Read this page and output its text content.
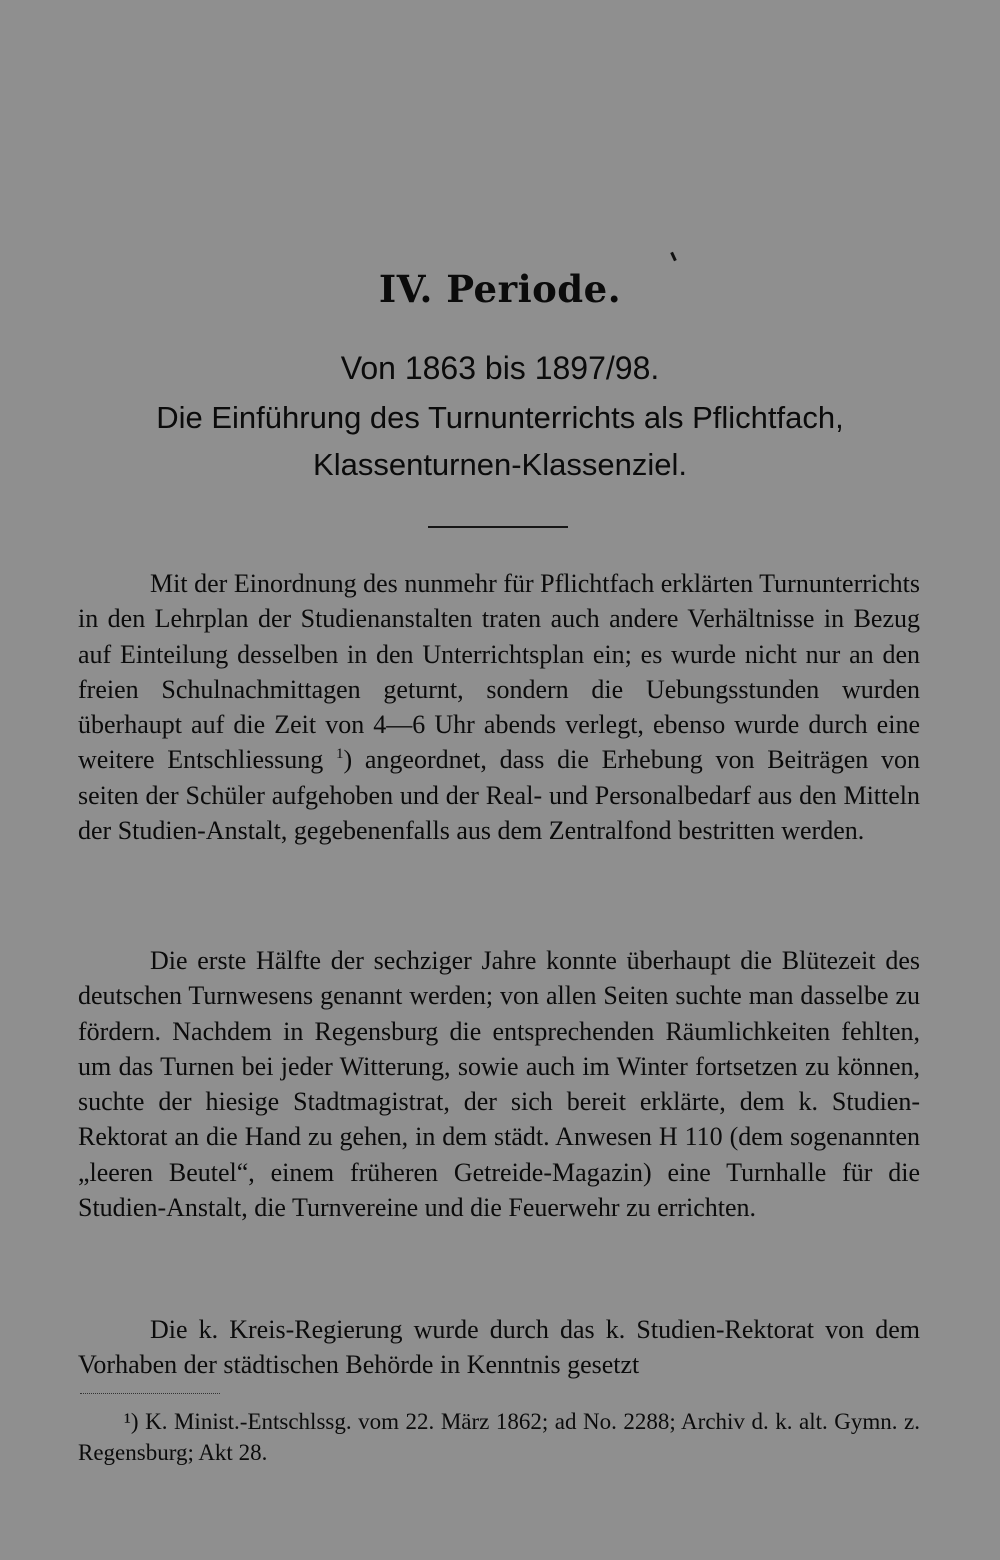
IV. Periode.
Von 1863 bis 1897/98.
Die Einführung des Turnunterrichts als Pflichtfach,
Klassenturnen-Klassenziel.

Mit der Einordnung des nunmehr für Pflichtfach erklärten Turnunterrichts in den Lehrplan der Studienanstalten traten auch andere Verhältnisse in Bezug auf Einteilung desselben in den Unterrichtsplan ein; es wurde nicht nur an den freien Schulnachmittagen geturnt, sondern die Uebungsstunden wurden überhaupt auf die Zeit von 4—6 Uhr abends verlegt, ebenso wurde durch eine weitere Entschliessung $^1$) angeordnet, dass die Erhebung von Beiträgen von seiten der Schüler aufgehoben und der Real- und Personalbedarf aus den Mitteln der Studien-Anstalt, gegebenenfalls aus dem Zentralfond bestritten werden.

Die erste Hälfte der sechziger Jahre konnte überhaupt die Blütezeit des deutschen Turnwesens genannt werden; von allen Seiten suchte man dasselbe zu fördern. Nachdem in Regensburg die entsprechenden Räumlichkeiten fehlten, um das Turnen bei jeder Witterung, sowie auch im Winter fortsetzen zu können, suchte der hiesige Stadtmagistrat, der sich bereit erklärte, dem k. Studien-Rektorat an die Hand zu gehen, in dem städt. Anwesen H 110 (dem sogenannten „leeren Beutel“, einem früheren Getreide-Magazin) eine Turnhalle für die Studien-Anstalt, die Turnvereine und die Feuerwehr zu errichten.

Die k. Kreis-Regierung wurde durch das k. Studien-Rektorat von dem Vorhaben der städtischen Behörde in Kenntnis gesetzt

¹) K. Minist.-Entschlssg. vom 22. März 1862; ad No. 2288; Archiv d. k. alt. Gymn. z. Regensburg; Akt 28.
